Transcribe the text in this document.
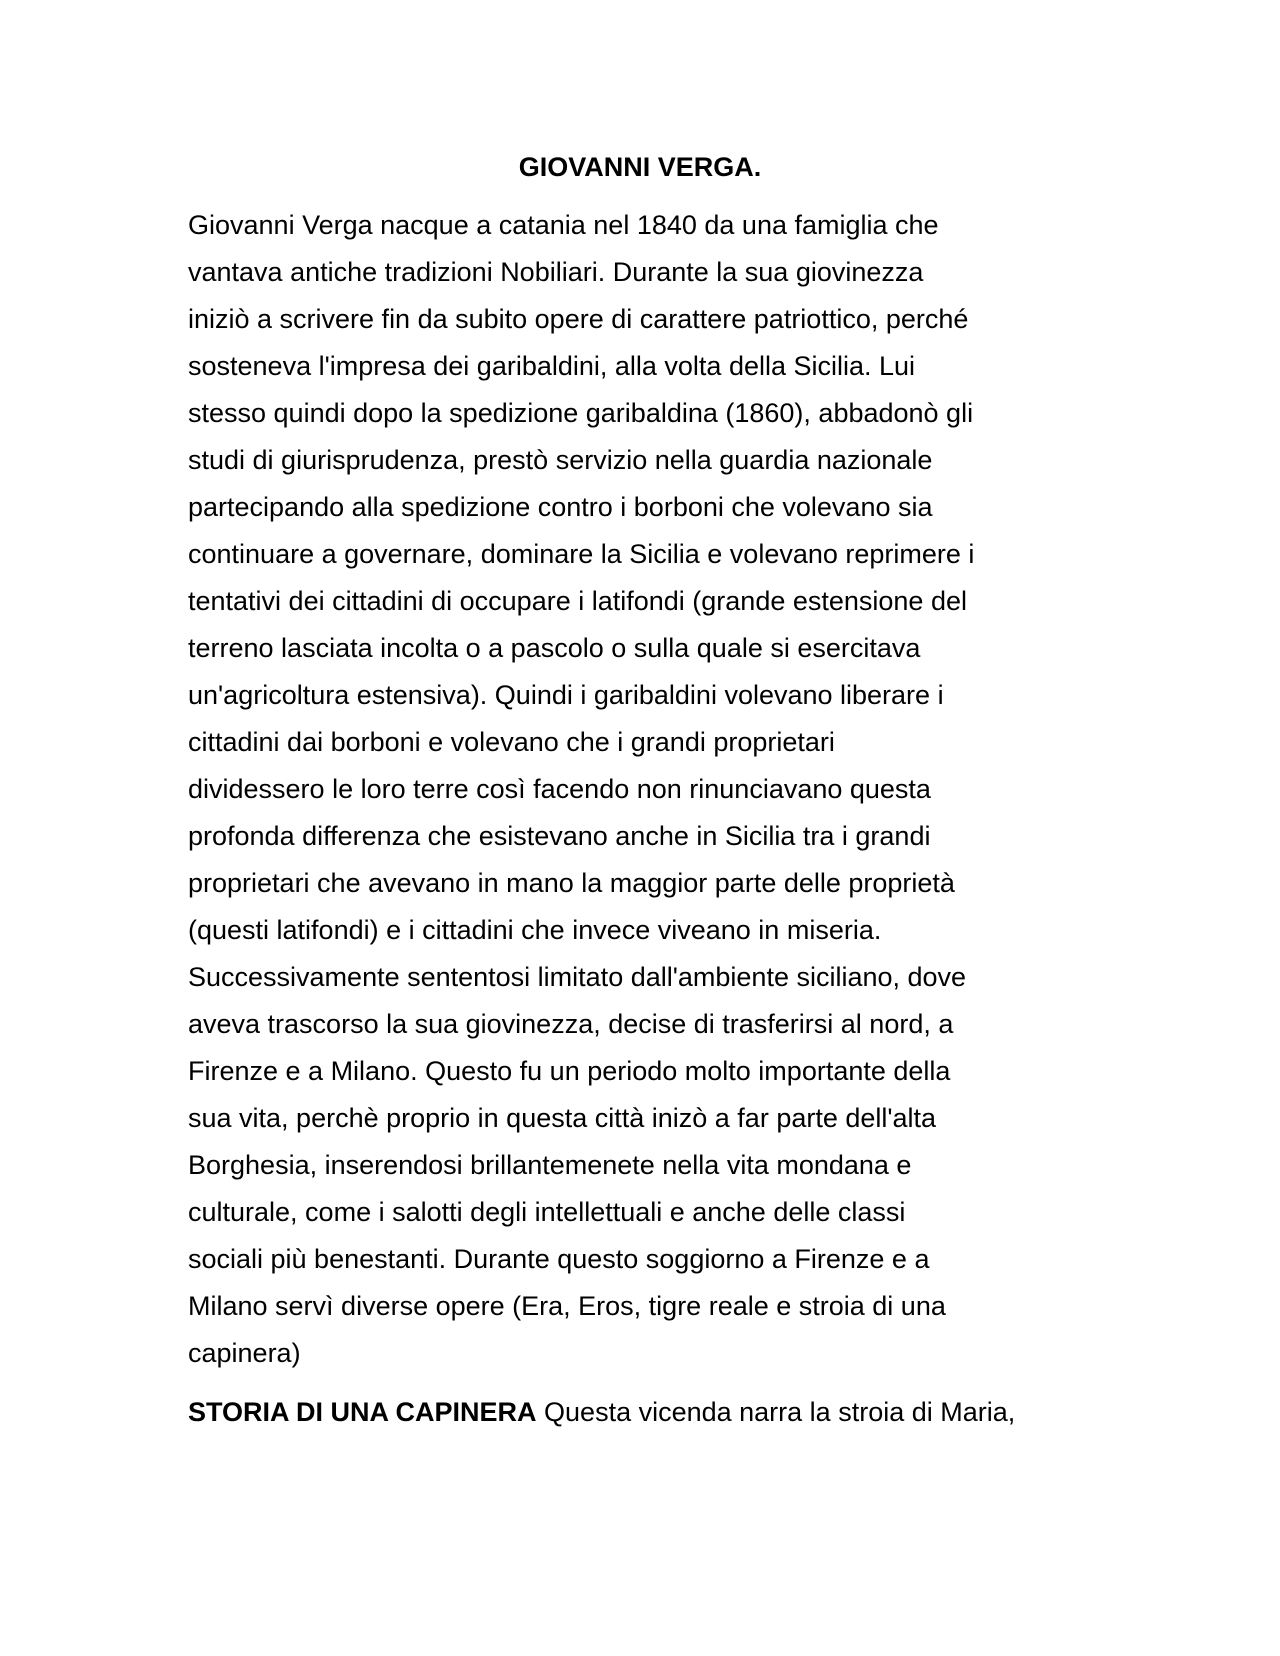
GIOVANNI VERGA.
Giovanni Verga nacque a catania nel 1840 da una famiglia che
vantava antiche tradizioni Nobiliari. Durante la sua giovinezza
iniziò a scrivere fin da subito opere di carattere patriottico, perché
sosteneva l'impresa dei garibaldini, alla volta della Sicilia. Lui
stesso quindi dopo la spedizione garibaldina (1860), abbadonò gli
studi di giurisprudenza, prestò servizio nella guardia nazionale
partecipando alla spedizione contro i borboni che volevano sia
continuare a governare, dominare la Sicilia e volevano reprimere i
tentativi dei cittadini di occupare i latifondi (grande estensione del
terreno lasciata incolta o a pascolo o sulla quale si esercitava
un'agricoltura estensiva). Quindi i garibaldini volevano liberare i
cittadini dai borboni e volevano che i grandi proprietari
dividessero le loro terre così facendo non rinunciavano questa
profonda differenza che esistevano anche in Sicilia tra i grandi
proprietari che avevano in mano la maggior parte delle proprietà
(questi latifondi) e i cittadini che invece viveano in miseria.
Successivamente sententosi limitato dall'ambiente siciliano, dove
aveva trascorso la sua giovinezza, decise di trasferirsi al nord, a
Firenze e a Milano. Questo fu un periodo molto importante della
sua vita, perchè proprio in questa città inizò a far parte dell'alta
Borghesia, inserendosi brillantemenete nella vita mondana e
culturale, come i salotti degli intellettuali e anche delle classi
sociali più benestanti. Durante questo soggiorno a Firenze e a
Milano servì diverse opere (Era, Eros, tigre reale e stroia di una
capinera)
STORIA DI UNA CAPINERA Questa vicenda narra la stroia di Maria,
